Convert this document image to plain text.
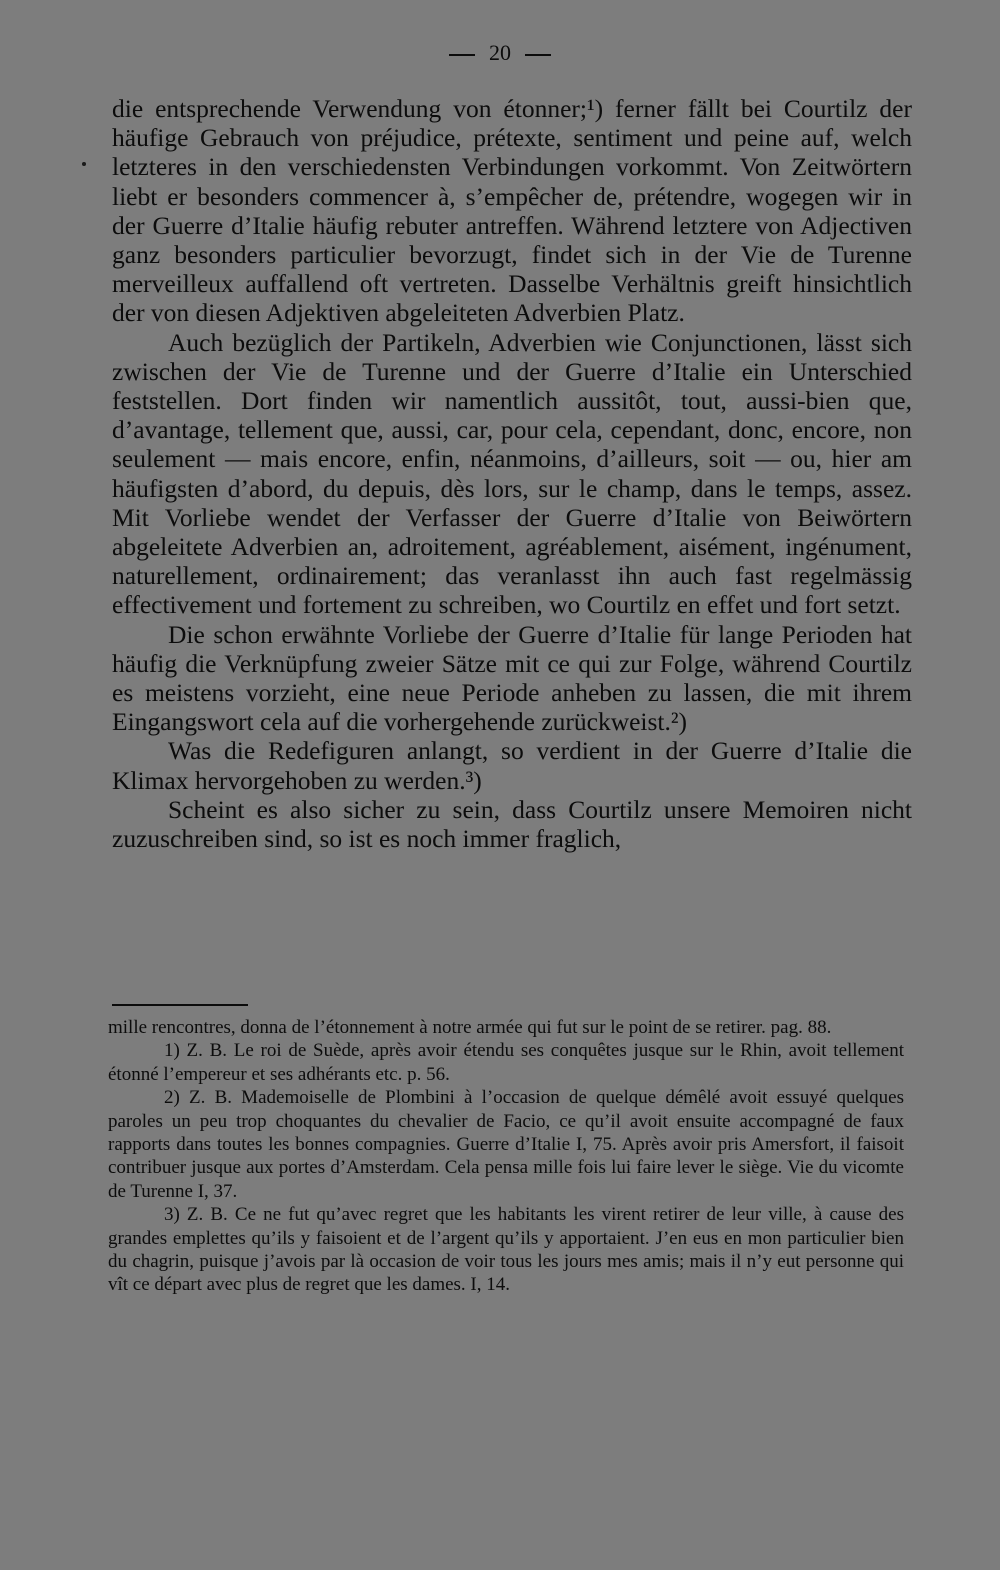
20

die entsprechende Verwendung von étonner;¹) ferner fällt bei Courtilz der häufige Gebrauch von préjudice, prétexte, sentiment und peine auf, welch letzteres in den verschiedensten Verbindungen vorkommt. Von Zeitwörtern liebt er besonders commencer à, s’empêcher de, prétendre, wogegen wir in der Guerre d’Italie häufig rebuter antreffen. Während letztere von Adjectiven ganz besonders particulier bevorzugt, findet sich in der Vie de Turenne merveilleux auffallend oft vertreten. Dasselbe Verhältnis greift hinsichtlich der von diesen Adjektiven abgeleiteten Adverbien Platz.

Auch bezüglich der Partikeln, Adverbien wie Conjunctionen, lässt sich zwischen der Vie de Turenne und der Guerre d’Italie ein Unterschied feststellen. Dort finden wir namentlich aussitôt, tout, aussi-bien que, d’avantage, tellement que, aussi, car, pour cela, cependant, donc, encore, non seulement — mais encore, enfin, néanmoins, d’ailleurs, soit — ou, hier am häufigsten d’abord, du depuis, dès lors, sur le champ, dans le temps, assez. Mit Vorliebe wendet der Verfasser der Guerre d’Italie von Beiwörtern abgeleitete Adverbien an, adroitement, agréablement, aisément, ingénument, naturellement, ordinairement; das veranlasst ihn auch fast regelmässig effectivement und fortement zu schreiben, wo Courtilz en effet und fort setzt.

Die schon erwähnte Vorliebe der Guerre d’Italie für lange Perioden hat häufig die Verknüpfung zweier Sätze mit ce qui zur Folge, während Courtilz es meistens vorzieht, eine neue Periode anheben zu lassen, die mit ihrem Eingangswort cela auf die vorhergehende zurückweist.²)

Was die Redefiguren anlangt, so verdient in der Guerre d’Italie die Klimax hervorgehoben zu werden.³)

Scheint es also sicher zu sein, dass Courtilz unsere Memoiren nicht zuzuschreiben sind, so ist es noch immer fraglich,

mille rencontres, donna de l’étonnement à notre armée qui fut sur le point de se retirer. pag. 88.

1) Z. B. Le roi de Suède, après avoir étendu ses conquêtes jusque sur le Rhin, avoit tellement étonné l’empereur et ses adhérants etc. p. 56.

2) Z. B. Mademoiselle de Plombini à l’occasion de quelque démêlé avoit essuyé quelques paroles un peu trop choquantes du chevalier de Facio, ce qu’il avoit ensuite accompagné de faux rapports dans toutes les bonnes compagnies. Guerre d’Italie I, 75. Après avoir pris Amersfort, il faisoit contribuer jusque aux portes d’Amsterdam. Cela pensa mille fois lui faire lever le siège. Vie du vicomte de Turenne I, 37.

3) Z. B. Ce ne fut qu’avec regret que les habitants les virent retirer de leur ville, à cause des grandes emplettes qu’ils y faisoient et de l’argent qu’ils y apportaient. J’en eus en mon particulier bien du chagrin, puisque j’avois par là occasion de voir tous les jours mes amis; mais il n’y eut personne qui vît ce départ avec plus de regret que les dames. I, 14.
